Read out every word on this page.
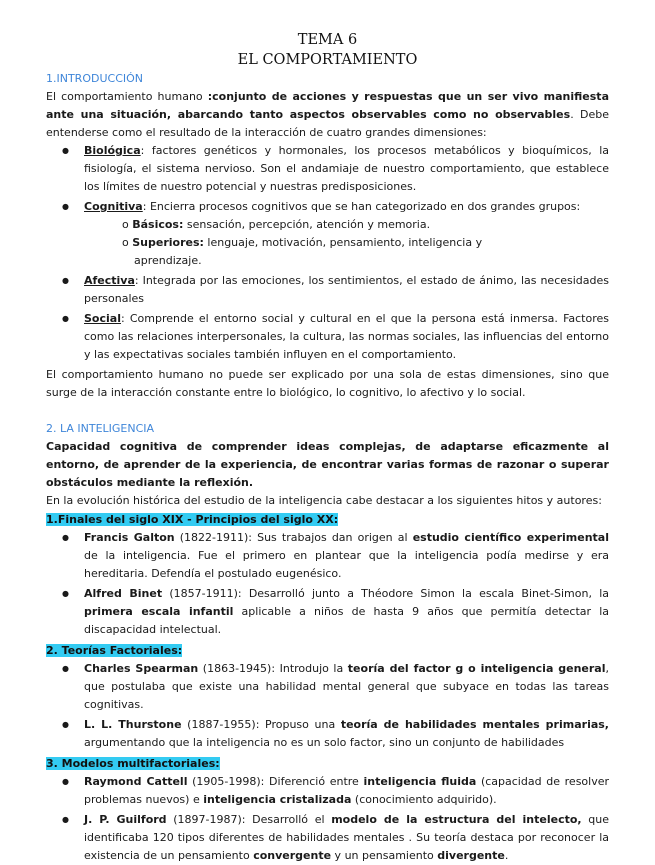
TEMA 6
EL COMPORTAMIENTO
1.INTRODUCCIÓN

El comportamiento humano :conjunto de acciones y respuestas que un ser vivo manifiesta ante una situación, abarcando tanto aspectos observables como no observables. Debe entenderse como el resultado de la interacción de cuatro grandes dimensiones:

● Biológica: factores genéticos y hormonales, los procesos metabólicos y bioquímicos, la fisiología, el sistema nervioso. Son el andamiaje de nuestro comportamiento, que establece los límites de nuestro potencial y nuestras predisposiciones.
● Cognitiva: Encierra procesos cognitivos que se han categorizado en dos grandes grupos:
o Básicos: sensación, percepción, atención y memoria.
o Superiores: lenguaje, motivación, pensamiento, inteligencia y
aprendizaje.
● Afectiva: Integrada por las emociones, los sentimientos, el estado de ánimo, las necesidades personales
● Social: Comprende el entorno social y cultural en el que la persona está inmersa. Factores como las relaciones interpersonales, la cultura, las normas sociales, las influencias del entorno y las expectativas sociales también influyen en el comportamiento.

El comportamiento humano no puede ser explicado por una sola de estas dimensiones, sino que surge de la interacción constante entre lo biológico, lo cognitivo, lo afectivo y lo social.

2. LA INTELIGENCIA

Capacidad cognitiva de comprender ideas complejas, de adaptarse eficazmente al entorno, de aprender de la experiencia, de encontrar varias formas de razonar o superar obstáculos mediante la reflexión.

En la evolución histórica del estudio de la inteligencia cabe destacar a los siguientes hitos y autores:

1.Finales del siglo XIX - Principios del siglo XX:

● Francis Galton (1822-1911): Sus trabajos dan origen al estudio científico experimental de la inteligencia. Fue el primero en plantear que la inteligencia podía medirse y era hereditaria. Defendía el postulado eugenésico.
● Alfred Binet (1857-1911): Desarrolló junto a Théodore Simon la escala Binet-Simon, la primera escala infantil aplicable a niños de hasta 9 años que permitía detectar la discapacidad intelectual.

2. Teorías Factoriales:

● Charles Spearman (1863-1945): Introdujo la teoría del factor g o inteligencia general, que postulaba que existe una habilidad mental general que subyace en todas las tareas cognitivas.
● L. L. Thurstone (1887-1955): Propuso una teoría de habilidades mentales primarias, argumentando que la inteligencia no es un solo factor, sino un conjunto de habilidades

3. Modelos multifactoriales:

● Raymond Cattell (1905-1998): Diferenció entre inteligencia fluida (capacidad de resolver problemas nuevos) e inteligencia cristalizada (conocimiento adquirido).
● J. P. Guilford (1897-1987): Desarrolló el modelo de la estructura del intelecto, que identificaba 120 tipos diferentes de habilidades mentales . Su teoría destaca por reconocer la existencia de un pensamiento convergente y un pensamiento divergente.
